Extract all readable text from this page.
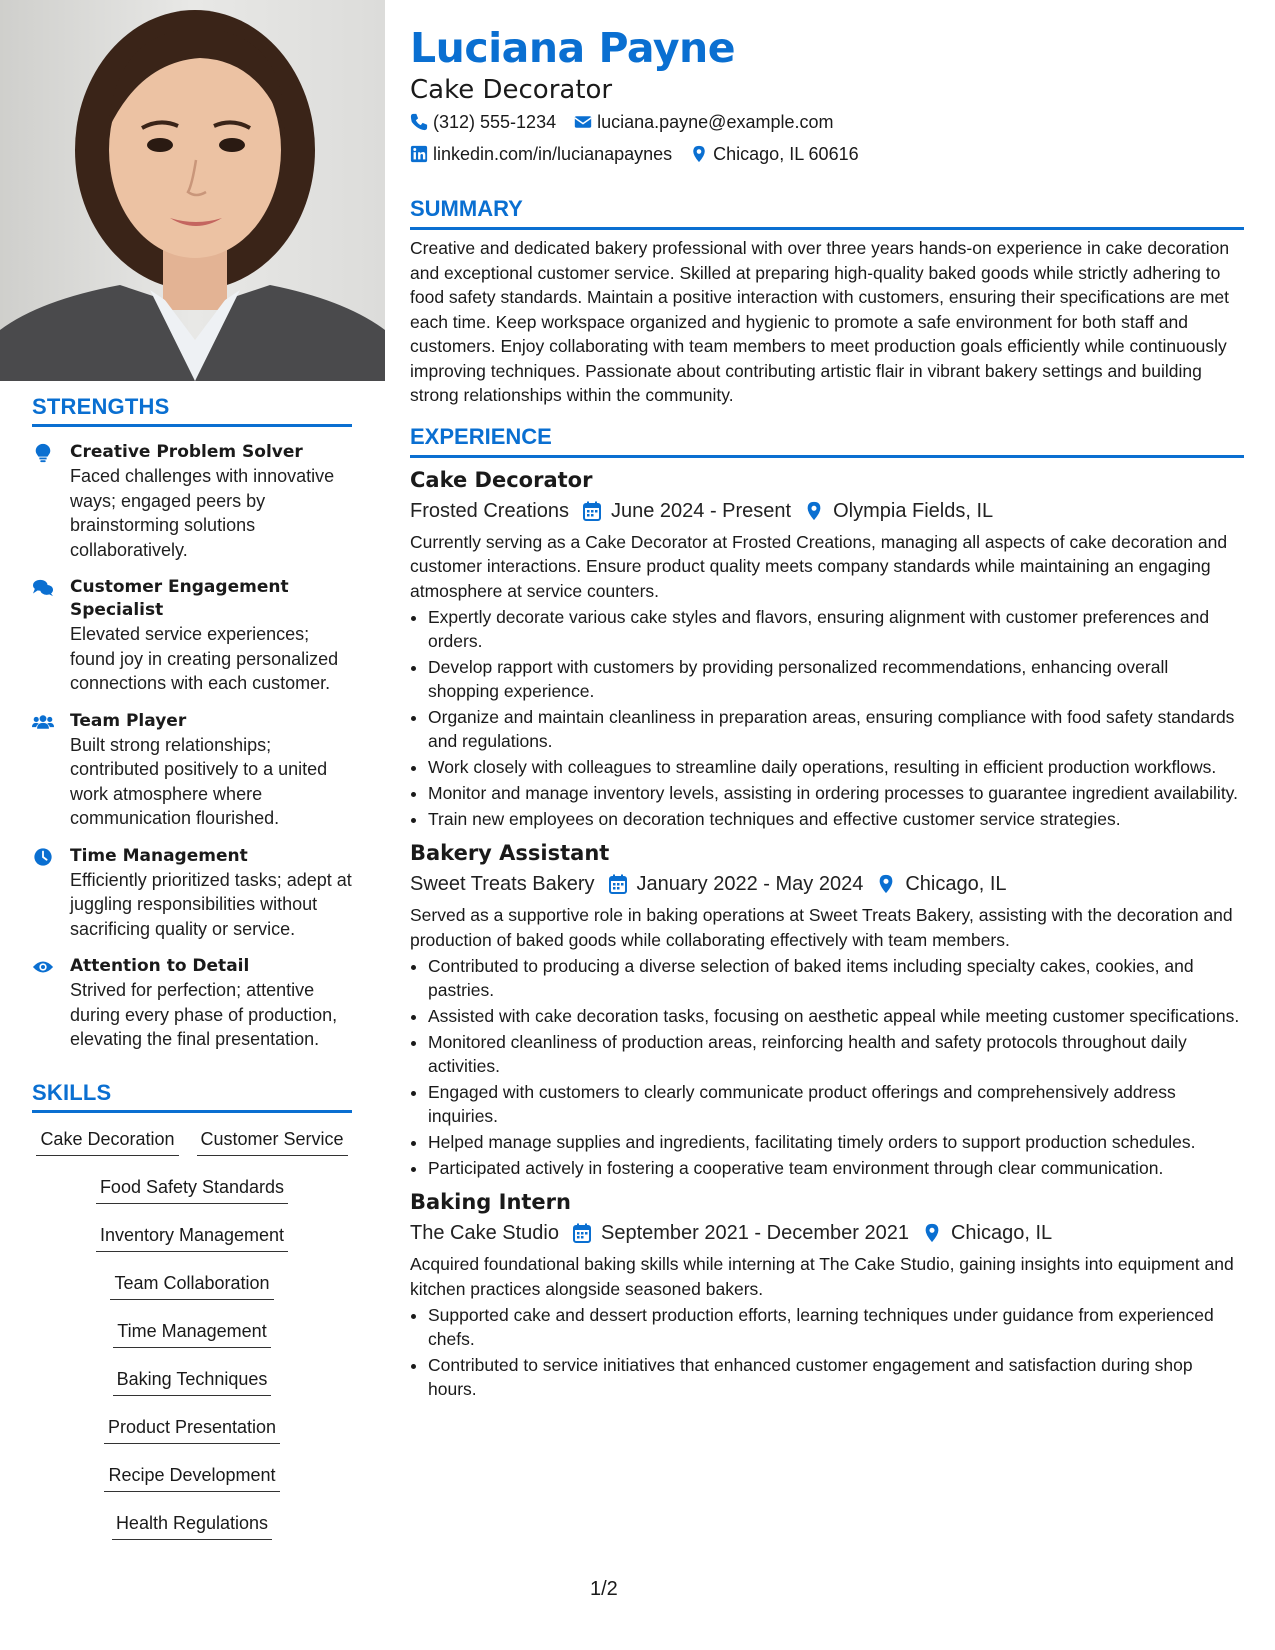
STRENGTHS
Creative Problem Solver
Faced challenges with innovative ways; engaged peers by brainstorming solutions collaboratively.
Customer Engagement Specialist
Elevated service experiences; found joy in creating personalized connections with each customer.
Team Player
Built strong relationships; contributed positively to a united work atmosphere where communication flourished.
Time Management
Efficiently prioritized tasks; adept at juggling responsibilities without sacrificing quality or service.
Attention to Detail
Strived for perfection; attentive during every phase of production, elevating the final presentation.
SKILLS
Cake Decoration Customer Service
Food Safety Standards
Inventory Management
Team Collaboration
Time Management
Baking Techniques
Product Presentation
Recipe Development
Health Regulations
Luciana Payne
Cake Decorator
(312) 555-1234 luciana.payne@example.com
linkedin.com/in/lucianapaynes Chicago, IL 60616
SUMMARY
Creative and dedicated bakery professional with over three years hands-on experience in cake decoration and exceptional customer service. Skilled at preparing high-quality baked goods while strictly adhering to food safety standards. Maintain a positive interaction with customers, ensuring their specifications are met each time. Keep workspace organized and hygienic to promote a safe environment for both staff and customers. Enjoy collaborating with team members to meet production goals efficiently while continuously improving techniques. Passionate about contributing artistic flair in vibrant bakery settings and building strong relationships within the community.
EXPERIENCE
Cake Decorator
Frosted Creations June 2024 - Present Olympia Fields, IL
Currently serving as a Cake Decorator at Frosted Creations, managing all aspects of cake decoration and customer interactions. Ensure product quality meets company standards while maintaining an engaging atmosphere at service counters.
• Expertly decorate various cake styles and flavors, ensuring alignment with customer preferences and orders.
• Develop rapport with customers by providing personalized recommendations, enhancing overall shopping experience.
• Organize and maintain cleanliness in preparation areas, ensuring compliance with food safety standards and regulations.
• Work closely with colleagues to streamline daily operations, resulting in efficient production workflows.
• Monitor and manage inventory levels, assisting in ordering processes to guarantee ingredient availability.
• Train new employees on decoration techniques and effective customer service strategies.
Bakery Assistant
Sweet Treats Bakery January 2022 - May 2024 Chicago, IL
Served as a supportive role in baking operations at Sweet Treats Bakery, assisting with the decoration and production of baked goods while collaborating effectively with team members.
• Contributed to producing a diverse selection of baked items including specialty cakes, cookies, and pastries.
• Assisted with cake decoration tasks, focusing on aesthetic appeal while meeting customer specifications.
• Monitored cleanliness of production areas, reinforcing health and safety protocols throughout daily activities.
• Engaged with customers to clearly communicate product offerings and comprehensively address inquiries.
• Helped manage supplies and ingredients, facilitating timely orders to support production schedules.
• Participated actively in fostering a cooperative team environment through clear communication.
Baking Intern
The Cake Studio September 2021 - December 2021 Chicago, IL
Acquired foundational baking skills while interning at The Cake Studio, gaining insights into equipment and kitchen practices alongside seasoned bakers.
• Supported cake and dessert production efforts, learning techniques under guidance from experienced chefs.
• Contributed to service initiatives that enhanced customer engagement and satisfaction during shop hours.
1/2
